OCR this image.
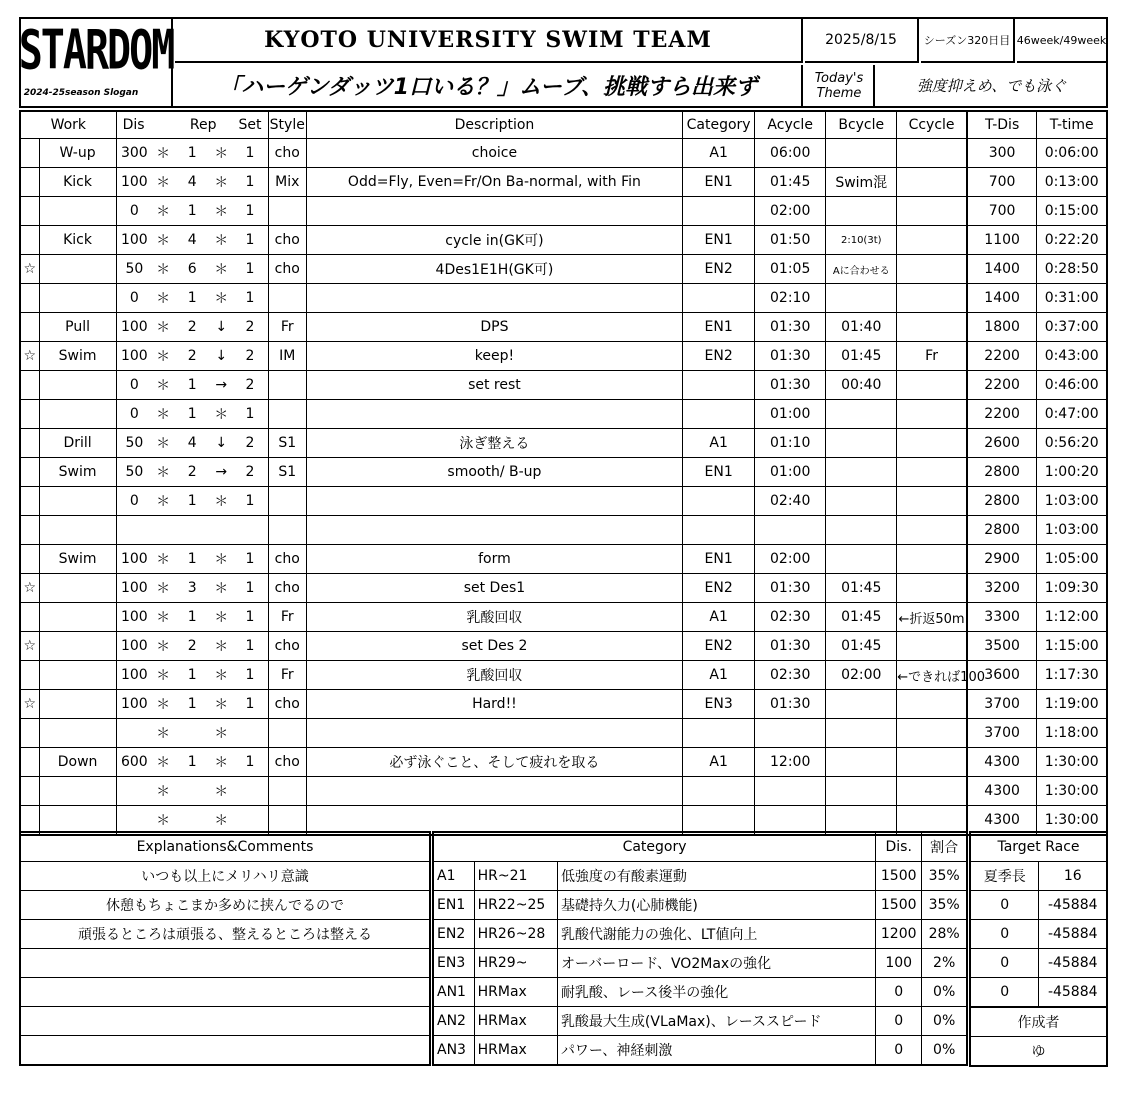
STARDOM
2024-25season Slogan
KYOTO UNIVERSITY SWIM TEAM	2025/8/15	シーズン320日目 46week/49week
「ハーゲンダッツ1口いる？」ムーブ、挑戦すら出来ず	Today's
Theme	強度抑えめ、でも泳ぐ
Work		Dis		Rep		Set	Style	Description	Category	Acycle	Bcycle	Ccycle	T-Dis	T-time
	W-up	300	＊	1	＊	1	cho	choice	A1	06:00			300	0:06:00
	Kick	100	＊	4	＊	1	Mix	Odd=Fly, Even=Fr/On Ba-normal, with Fin	EN1	01:45	Swim混		700	0:13:00
		0	＊	1	＊	1				02:00			700	0:15:00
	Kick	100	＊	4	＊	1	cho	cycle in(GK可)	EN1	01:50	2:10(3t)		1100	0:22:20
☆		50	＊	6	＊	1	cho	4Des1E1H(GK可)	EN2	01:05	Aに合わせる		1400	0:28:50
		0	＊	1	＊	1				02:10			1400	0:31:00
	Pull	100	＊	2	↓	2	Fr	DPS	EN1	01:30	01:40		1800	0:37:00
☆	Swim	100	＊	2	↓	2	IM	keep!	EN2	01:30	01:45	Fr	2200	0:43:00
		0	＊	1	→	2		set rest		01:30	00:40		2200	0:46:00
		0	＊	1	＊	1				01:00			2200	0:47:00
	Drill	50	＊	4	↓	2	S1	泳ぎ整える	A1	01:10			2600	0:56:20
	Swim	50	＊	2	→	2	S1	smooth/ B-up	EN1	01:00			2800	1:00:20
		0	＊	1	＊	1				02:40			2800	1:03:00
													2800	1:03:00
	Swim	100	＊	1	＊	1	cho	form	EN1	02:00			2900	1:05:00
☆		100	＊	3	＊	1	cho	set Des1	EN2	01:30	01:45		3200	1:09:30
		100	＊	1	＊	1	Fr	乳酸回収	A1	02:30	01:45	←折返50m	3300	1:12:00
☆		100	＊	2	＊	1	cho	set Des 2	EN2	01:30	01:45		3500	1:15:00
		100	＊	1	＊	1	Fr	乳酸回収	A1	02:30	02:00	←できれば100	3600	1:17:30
☆		100	＊	1	＊	1	cho	Hard!!	EN3	01:30			3700	1:19:00
			＊		＊								3700	1:18:00
	Down	600	＊	1	＊	1	cho	必ず泳ぐこと、そして疲れを取る	A1	12:00			4300	1:30:00
			＊		＊								4300	1:30:00
			＊		＊								4300	1:30:00
Explanations&Comments
いつも以上にメリハリ意識
休憩もちょこまか多めに挟んでるので
頑張るところは頑張る、整えるところは整える

Category			Dis.	割合
A1	HR~21	低強度の有酸素運動	1500	35%
EN1	HR22~25	基礎持久力(心肺機能)	1500	35%
EN2	HR26~28	乳酸代謝能力の強化、LT値向上	1200	28%
EN3	HR29~	オーバーロード、VO2Maxの強化	100	2%
AN1	HRMax	耐乳酸、レース後半の強化	0	0%
AN2	HRMax	乳酸最大生成(VLaMax)、レーススピード	0	0%
AN3	HRMax	パワー、神経刺激	0	0%
Target Race	
夏季長	16
0	-45884
0	-45884
0	-45884
0	-45884
作成者	
ゆ	
